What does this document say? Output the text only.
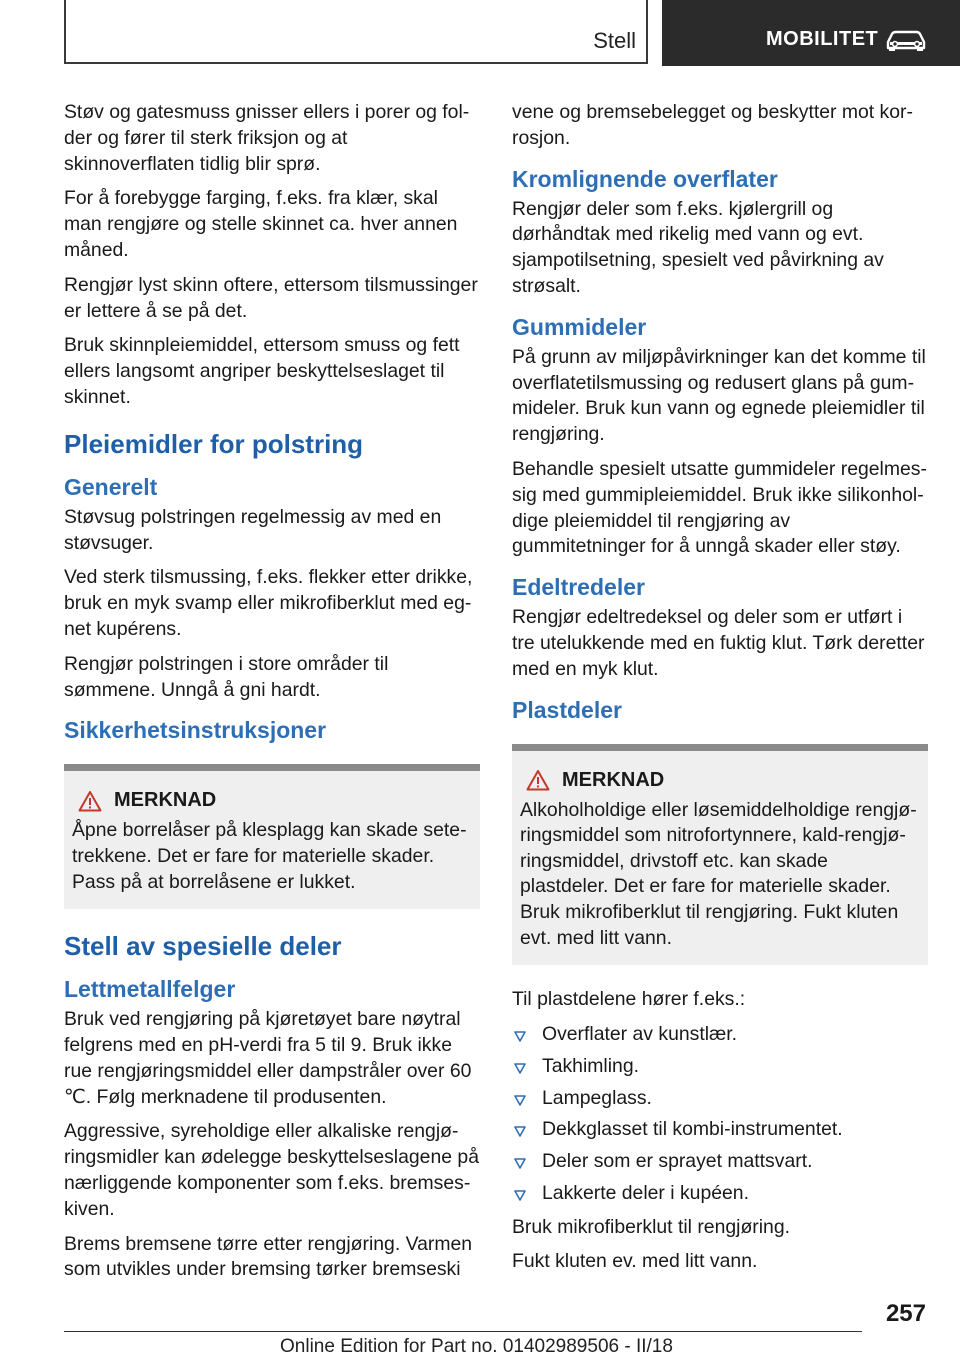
Stell	MOBILITET

Støv og gatesmuss gnisser ellers i porer og folder og fører til sterk friksjon og at skinnoverflaten tidlig blir sprø.

For å forebygge farging, f.eks. fra klær, skal man rengjøre og stelle skinnet ca. hver annen måned.

Rengjør lyst skinn oftere, ettersom tilsmussinger er lettere å se på det.

Bruk skinnpleiemiddel, ettersom smuss og fett ellers langsomt angriper beskyttelseslaget til skinnet.

Pleiemidler for polstring
Generelt

Støvsug polstringen regelmessig av med en støvsuger.

Ved sterk tilsmussing, f.eks. flekker etter drikke, bruk en myk svamp eller mikrofiberklut med egnet kupérens.

Rengjør polstringen i store områder til sømmene. Unngå å gni hardt.

Sikkerhetsinstruksjoner
MERKNAD

Åpne borrelåser på klesplagg kan skade setetrekkene. Det er fare for materielle skader. Pass på at borrelåsene er lukket.

Stell av spesielle deler
Lettmetallfelger

Bruk ved rengjøring på kjøretøyet bare nøytral felgrens med en pH-verdi fra 5 til 9. Bruk ikke rue rengjøringsmiddel eller dampstråler over 60 ℃. Følg merknadene til produsenten.

Aggressive, syreholdige eller alkaliske rengjøringsmidler kan ødelegge beskyttelseslagene på nærliggende komponenter som f.eks. bremseskiven.

Brems bremsene tørre etter rengjøring. Varmen som utvikles under bremsing tørker bremseski

vene og bremsebelegget og beskytter mot korrosjon.

Kromlignende overflater

Rengjør deler som f.eks. kjølergrill og dørhåndtak med rikelig med vann og evt. sjampotilsetning, spesielt ved påvirkning av strøsalt.

Gummideler

På grunn av miljøpåvirkninger kan det komme til overflatetilsmussing og redusert glans på gummideler. Bruk kun vann og egnede pleiemidler til rengjøring.

Behandle spesielt utsatte gummideler regelmessig med gummipleiemiddel. Bruk ikke silikonholdige pleiemiddel til rengjøring av gummitetninger for å unngå skader eller støy.

Edeltredeler

Rengjør edeltredeksel og deler som er utført i tre utelukkende med en fuktig klut. Tørk deretter med en myk klut.

Plastdeler
MERKNAD

Alkoholholdige eller løsemiddelholdige rengjøringsmiddel som nitrofortynnere, kald-rengjøringsmiddel, drivstoff etc. kan skade plastdeler. Det er fare for materielle skader. Bruk mikrofiberklut til rengjøring. Fukt kluten evt. med litt vann.

Til plastdelene hører f.eks.:

Overflater av kunstlær.
Takhimling.
Lampeglass.
Dekkglasset til kombi-instrumentet.
Deler som er sprayet mattsvart.
Lakkerte deler i kupéen.

Bruk mikrofiberklut til rengjøring.

Fukt kluten ev. med litt vann.

257
Online Edition for Part no. 01402989506 - II/18
